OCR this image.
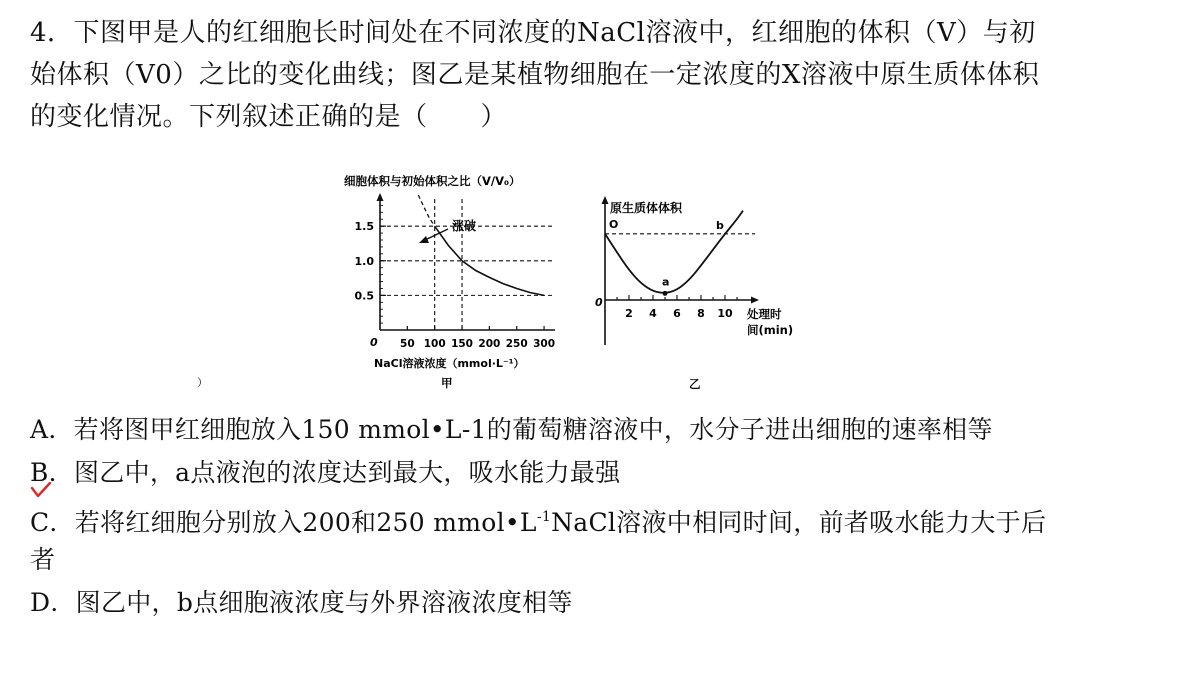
4．下图甲是人的红细胞长时间处在不同浓度的NaCl溶液中，红细胞的体积（V）与初
始体积（V0）之比的变化曲线；图乙是某植物细胞在一定浓度的X溶液中原生质体体积
的变化情况。下列叙述正确的是（　　）
细胞体积与初始体积之比（V/V₀）
50 100 150 200 250 300
0.5
1.0
1.5	涨破
0
NaCl溶液浓度（mmol·L⁻¹）
甲
）
原生质体体积
2 4 6 8 10
O
a
b
0
处理时
间(min)
乙
A．若将图甲红细胞放入150 mmol•L-1的葡萄糖溶液中，水分子进出细胞的速率相等
B．图乙中，a点液泡的浓度达到最大，吸水能力最强
C．若将红细胞分别放入200和250 $mmol•L^{-1}NaCl$溶液中相同时间，前者吸水能力大于后
者
D．图乙中，b点细胞液浓度与外界溶液浓度相等
